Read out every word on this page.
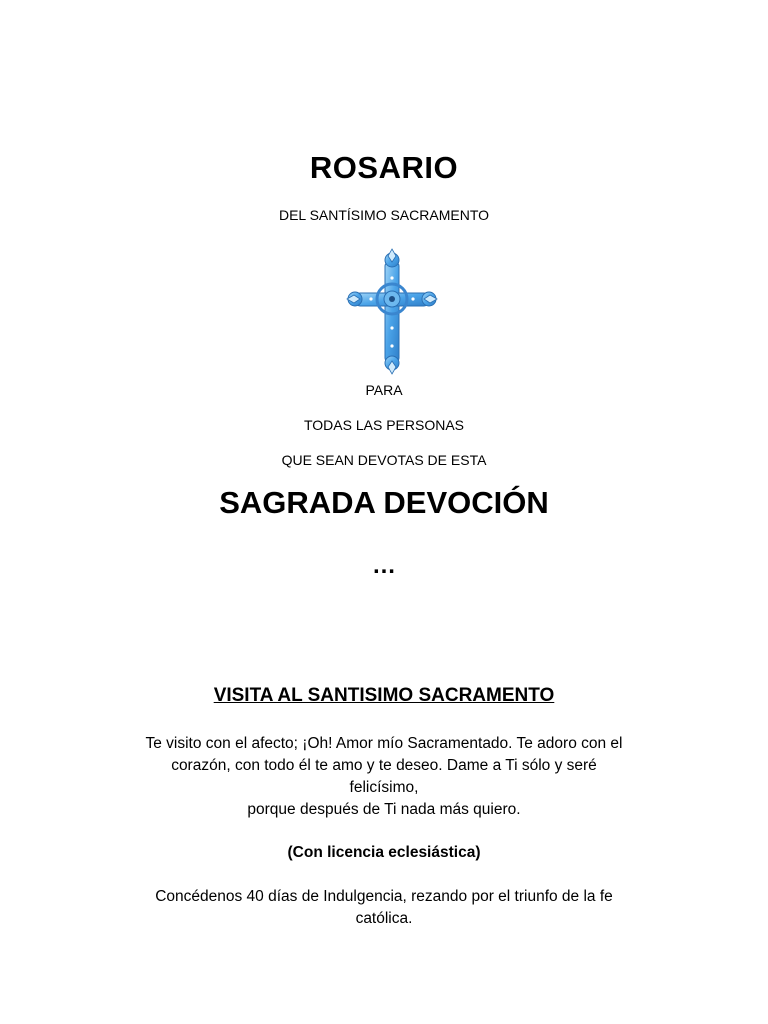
ROSARIO
DEL SANTÍSIMO SACRAMENTO
PARA
TODAS LAS PERSONAS
QUE SEAN DEVOTAS DE ESTA
SAGRADA DEVOCIÓN
…
VISITA AL SANTISIMO SACRAMENTO
Te visito con el afecto; ¡Oh! Amor mío Sacramentado. Te adoro con el
corazón, con todo él te amo y te deseo. Dame a Ti sólo y seré
felicísimo,
porque después de Ti nada más quiero.
(Con licencia eclesiástica)
Concédenos 40 días de Indulgencia, rezando por el triunfo de la fe
católica.
